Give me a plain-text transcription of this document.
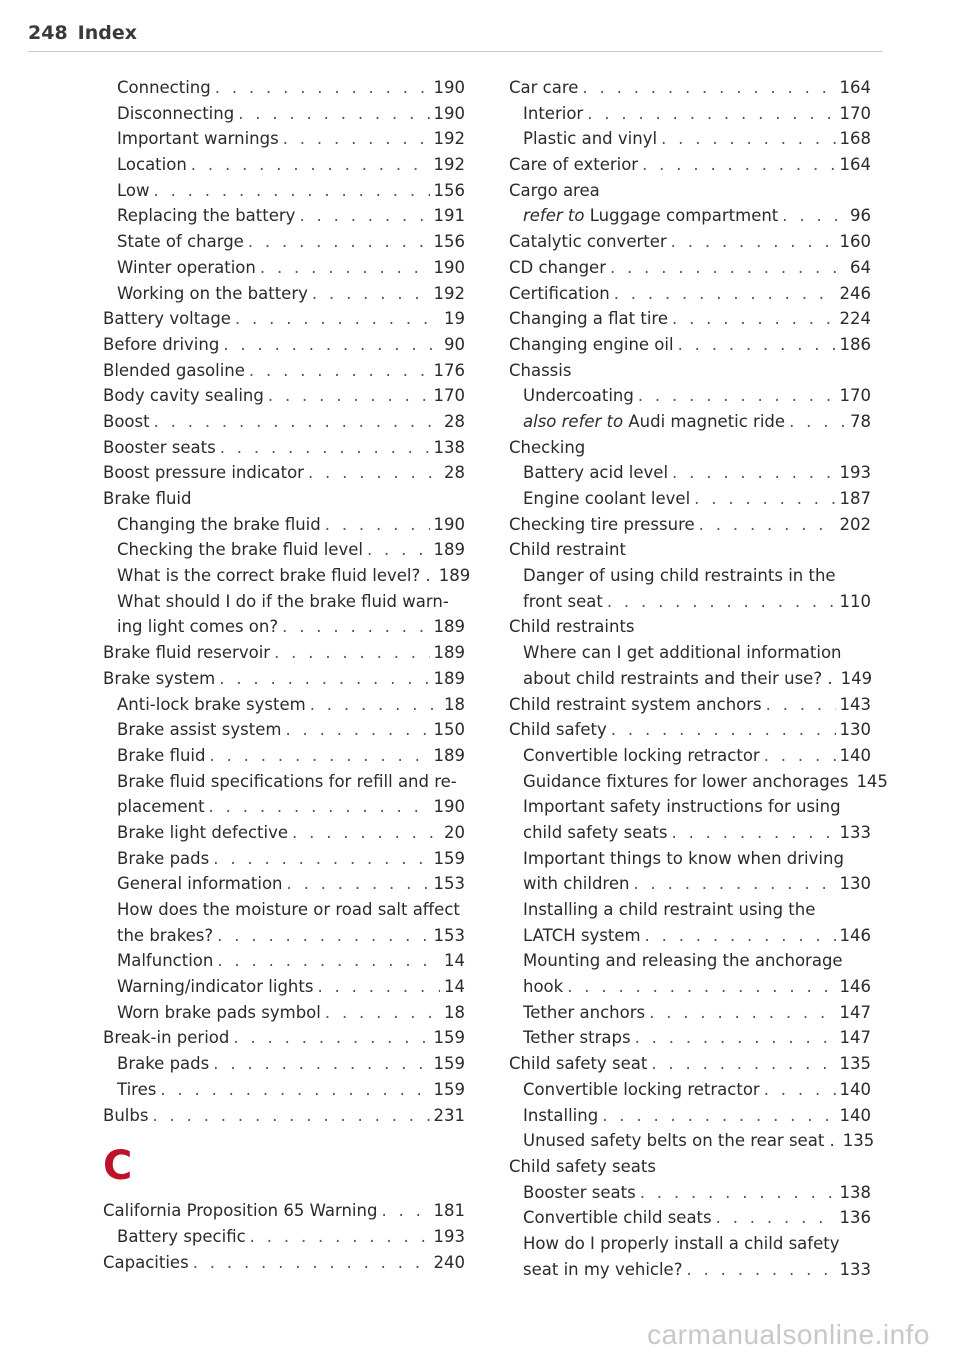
248 Index
Connecting . . .	190
Disconnecting . . .	190
Important warnings . . .	192
Location . . .	192
Low . . .	156
Replacing the battery . . .	191
State of charge . . .	156
Winter operation . . .	190
Working on the battery . . .	192
Battery voltage . . .	19
Before driving . . .	90
Blended gasoline . . .	176
Body cavity sealing . . .	170
Boost . . .	28
Booster seats . . .	138
Boost pressure indicator . . .	28
Brake fluid
Changing the brake fluid . . .	190
Checking the brake fluid level . . .	189
What is the correct brake fluid level? . 189
What should I do if the brake fluid warn-
ing light comes on? . . .	189
Brake fluid reservoir . . .	189
Brake system . . .	189
Anti-lock brake system . . .	18
Brake assist system . . .	150
Brake fluid . . .	189
Brake fluid specifications for refill and re-
placement . . .	190
Brake light defective . . .	20
Brake pads . . .	159
General information . . .	153
How does the moisture or road salt affect
the brakes? . . .	153
Malfunction . . .	14
Warning/indicator lights . . .	14
Worn brake pads symbol . . .	18
Break-in period . . .	159
Brake pads . . .	159
Tires . . .	159
Bulbs . . .	231
C
California Proposition 65 Warning . . .	181
Battery specific . . .	193
Capacities . . .	240
Car care . . .	164
Interior . . .	170
Plastic and vinyl . . .	168
Care of exterior . . .	164
Cargo area
refer to Luggage compartment . . .	96
Catalytic converter . . .	160
CD changer . . .	64
Certification . . .	246
Changing a flat tire . . .	224
Changing engine oil . . .	186
Chassis
Undercoating . . .	170
also refer to Audi magnetic ride . . .	78
Checking
Battery acid level . . .	193
Engine coolant level . . .	187
Checking tire pressure . . .	202
Child restraint
Danger of using child restraints in the
front seat . . .	110
Child restraints
Where can I get additional information
about child restraints and their use? . 149
Child restraint system anchors . . .	143
Child safety . . .	130
Convertible locking retractor . . .	140
Guidance fixtures for lower anchorages 145
Important safety instructions for using
child safety seats . . .	133
Important things to know when driving
with children . . .	130
Installing a child restraint using the
LATCH system . . .	146
Mounting and releasing the anchorage
hook . . .	146
Tether anchors . . .	147
Tether straps . . .	147
Child safety seat . . .	135
Convertible locking retractor . . .	140
Installing . . .	140
Unused safety belts on the rear seat . 135
Child safety seats
Booster seats . . .	138
Convertible child seats . . .	136
How do I properly install a child safety
seat in my vehicle? . . .	133
carmanualsonline.info
